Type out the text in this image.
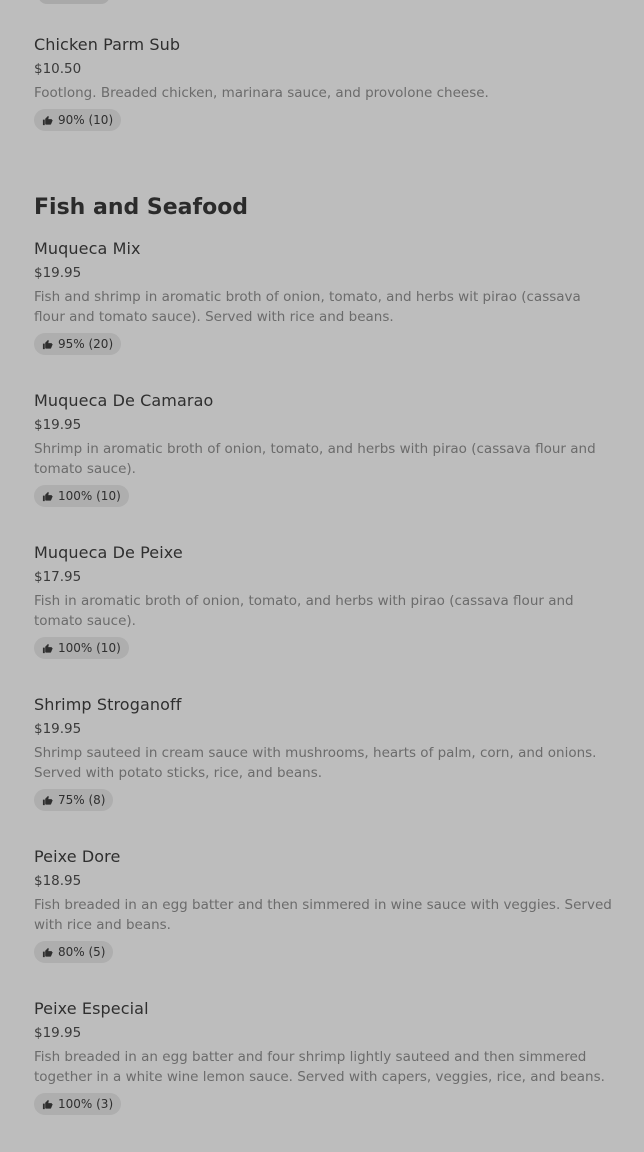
Chicken Parm Sub
$10.50
Footlong. Breaded chicken, marinara sauce, and provolone cheese.
90% (10)
Fish and Seafood
Muqueca Mix
$19.95
Fish and shrimp in aromatic broth of onion, tomato, and herbs wit pirao (cassava flour and tomato sauce). Served with rice and beans.
95% (20)
Muqueca De Camarao
$19.95
Shrimp in aromatic broth of onion, tomato, and herbs with pirao (cassava flour and tomato sauce).
100% (10)
Muqueca De Peixe
$17.95
Fish in aromatic broth of onion, tomato, and herbs with pirao (cassava flour and tomato sauce).
100% (10)
Shrimp Stroganoff
$19.95
Shrimp sauteed in cream sauce with mushrooms, hearts of palm, corn, and onions. Served with potato sticks, rice, and beans.
75% (8)
Peixe Dore
$18.95
Fish breaded in an egg batter and then simmered in wine sauce with veggies. Served with rice and beans.
80% (5)
Peixe Especial
$19.95
Fish breaded in an egg batter and four shrimp lightly sauteed and then simmered together in a white wine lemon sauce. Served with capers, veggies, rice, and beans.
100% (3)
